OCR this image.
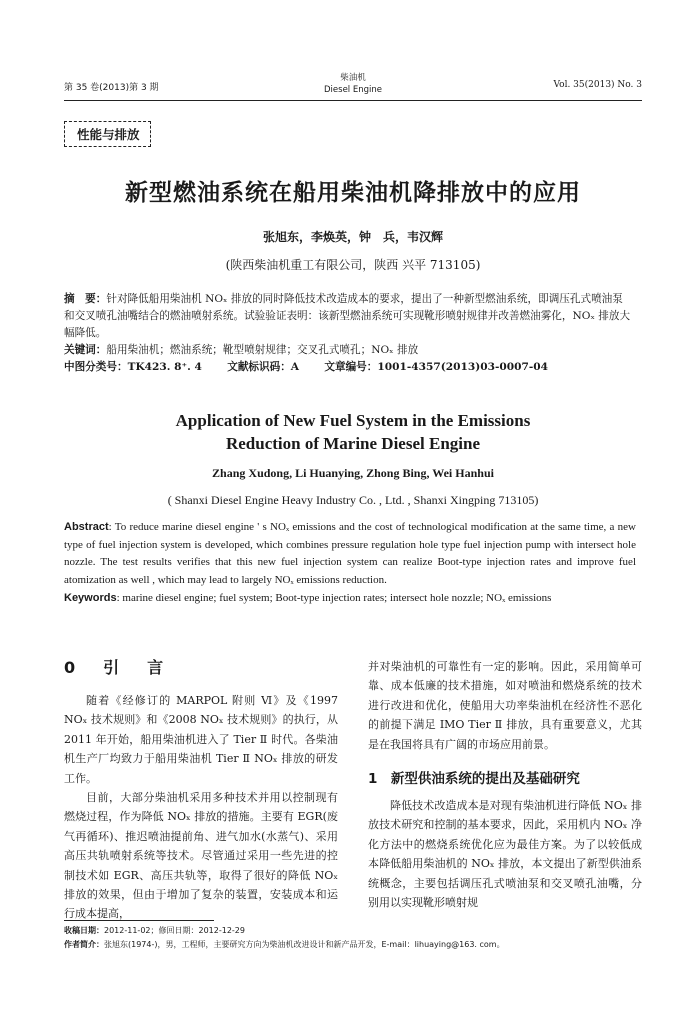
第 35 卷(2013)第 3 期
柴油机
Diesel Engine	Vol. 35(2013) No. 3
性能与排放
新型燃油系统在船用柴油机降排放中的应用
张旭东，李焕英，钟　兵，韦汉辉
(陕西柴油机重工有限公司，陕西 兴平 713105)

摘　要：针对降低船用柴油机 NOₓ 排放的同时降低技术改造成本的要求，提出了一种新型燃油系统，即调压孔式喷油泵和交叉喷孔油嘴结合的燃油喷射系统。试验验证表明：该新型燃油系统可实现靴形喷射规律并改善燃油雾化，NOₓ 排放大幅降低。

关键词：船用柴油机；燃油系统；靴型喷射规律；交叉孔式喷孔；NOₓ 排放

中图分类号：TK423. 8⁺. 4 文献标识码：A 文章编号：1001-4357(2013)03-0007-04

Application of New Fuel System in the Emissions
Reduction of Marine Diesel Engine
Zhang Xudong, Li Huanying, Zhong Bing, Wei Hanhui
( Shanxi Diesel Engine Heavy Industry Co. , Ltd. , Shanxi Xingping 713105)

Abstract: To reduce marine diesel engine ' s NOₓ emissions and the cost of technological modification at the same time, a new type of fuel injection system is developed, which combines pressure regulation hole type fuel injection pump with intersect hole nozzle. The test results verifies that this new fuel injection system can realize Boot-type injection rates and improve fuel atomization as well , which may lead to largely NOₓ emissions reduction.

Keywords: marine diesel engine; fuel system; Boot-type injection rates; intersect hole nozzle; NOₓ emissions

0　引　言

随着《经修订的 MARPOL 附则 Ⅵ》及《1997 NOₓ 技术规则》和《2008 NOₓ 技术规则》的执行，从 2011 年开始，船用柴油机进入了 Tier Ⅱ 时代。各柴油机生产厂均致力于船用柴油机 Tier Ⅱ NOₓ 排放的研发工作。

目前，大部分柴油机采用多种技术并用以控制现有燃烧过程，作为降低 NOₓ 排放的措施。主要有 EGR(废气再循环)、推迟喷油提前角、进气加水(水蒸气)、采用高压共轨喷射系统等技术。尽管通过采用一些先进的控制技术如 EGR、高压共轨等，取得了很好的降低 NOₓ 排放的效果，但由于增加了复杂的装置，安装成本和运行成本提高，

并对柴油机的可靠性有一定的影响。因此，采用简单可靠、成本低廉的技术措施，如对喷油和燃烧系统的技术进行改进和优化，使船用大功率柴油机在经济性不恶化的前提下满足 IMO Tier Ⅱ 排放，具有重要意义，尤其是在我国将具有广阔的市场应用前景。

1　新型供油系统的提出及基础研究

降低技术改造成本是对现有柴油机进行降低 NOₓ 排放技术研究和控制的基本要求，因此，采用机内 NOₓ 净化方法中的燃烧系统优化应为最佳方案。为了以较低成本降低船用柴油机的 NOₓ 排放，本文提出了新型供油系统概念，主要包括调压孔式喷油泵和交叉喷孔油嘴，分别用以实现靴形喷射规

收稿日期：2012-11-02；修回日期：2012-12-29

作者简介：张旭东(1974-)，男，工程师，主要研究方向为柴油机改进设计和新产品开发，E-mail：lihuaying@163. com。
